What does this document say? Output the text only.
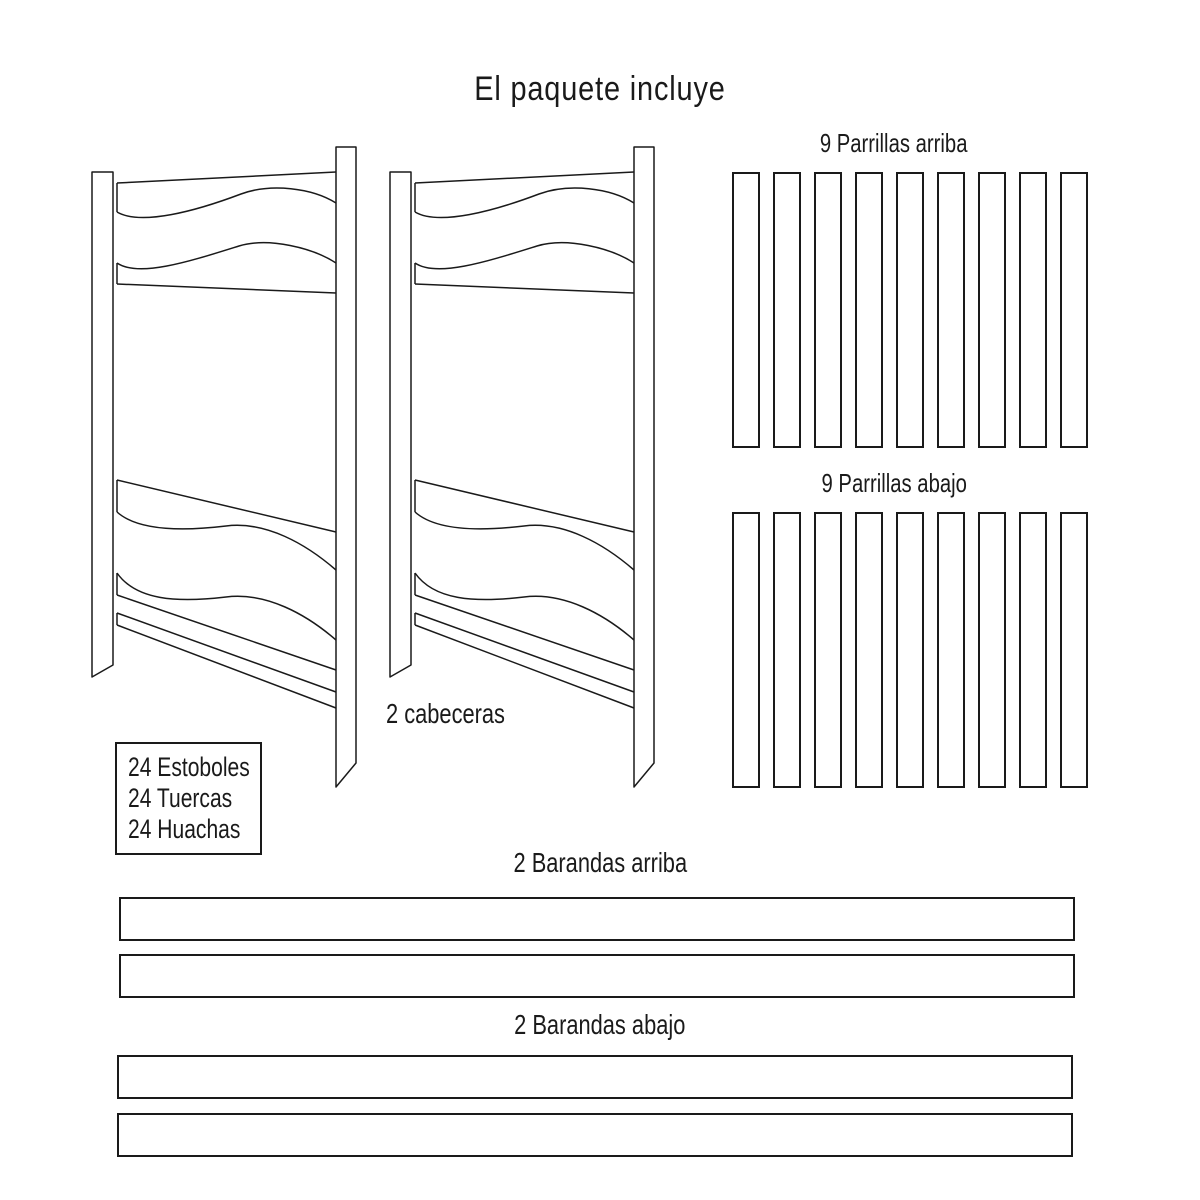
El paquete incluye
2 cabeceras
9 Parrillas arriba
9 Parrillas abajo
24 Estoboles
24 Tuercas
24 Huachas
2 Barandas arriba
2 Barandas abajo
